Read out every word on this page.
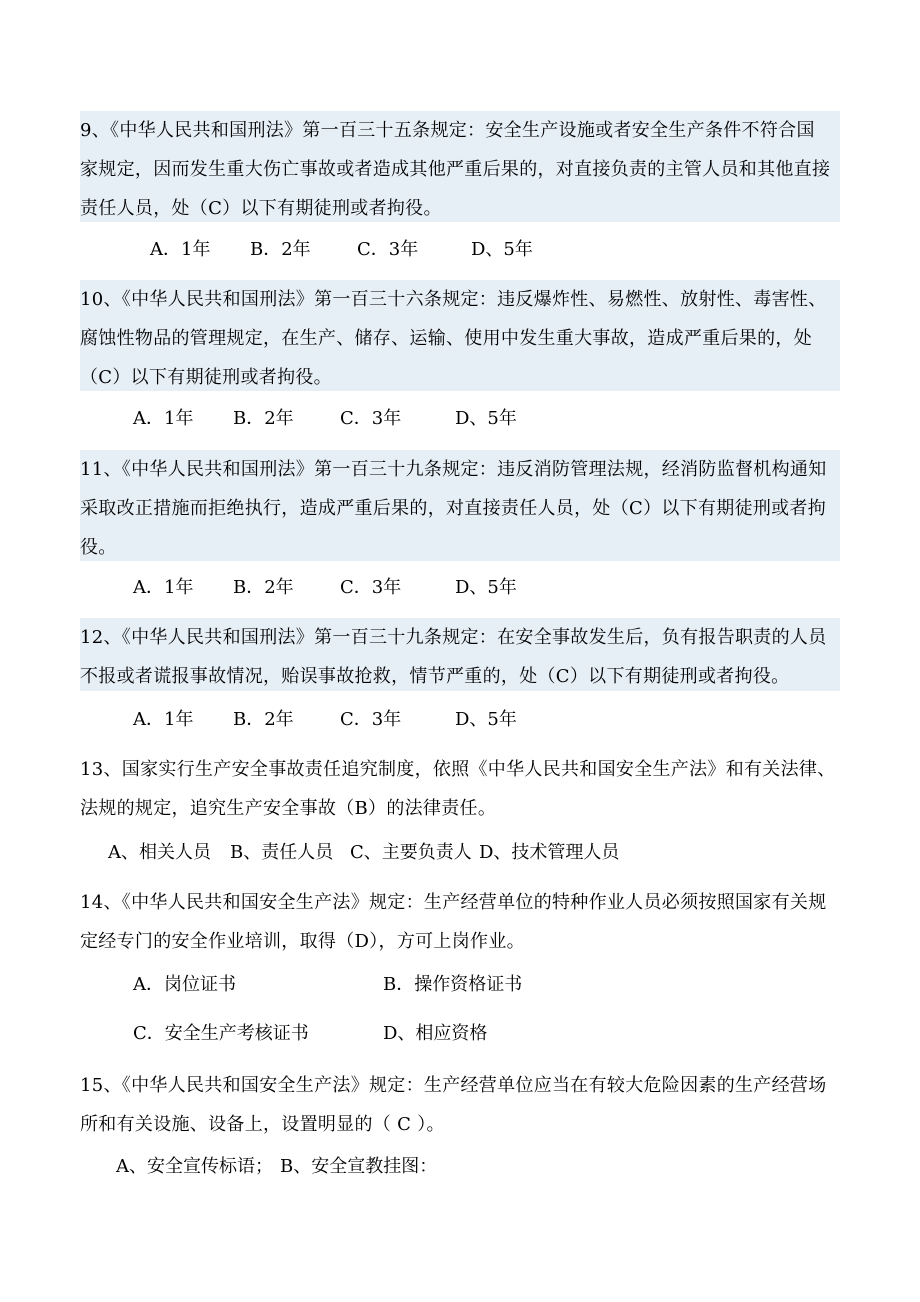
9、《中华人民共和国刑法》第一百三十五条规定：安全生产设施或者安全生产条件不符合国
家规定，因而发生重大伤亡事故或者造成其他严重后果的，对直接负责的主管人员和其他直接
责任人员，处（C）以下有期徒刑或者拘役。
A．1年 B．2年	C．3年	D、5年
10、《中华人民共和国刑法》第一百三十六条规定：违反爆炸性、易燃性、放射性、毒害性、
腐蚀性物品的管理规定，在生产、储存、运输、使用中发生重大事故，造成严重后果的，处
（C）以下有期徒刑或者拘役。
A．1年 B．2年	C．3年	D、5年
11、《中华人民共和国刑法》第一百三十九条规定：违反消防管理法规，经消防监督机构通知
采取改正措施而拒绝执行，造成严重后果的，对直接责任人员，处（C）以下有期徒刑或者拘
役。
A．1年 B．2年	C．3年	D、5年
12、《中华人民共和国刑法》第一百三十九条规定：在安全事故发生后，负有报告职责的人员
不报或者谎报事故情况，贻误事故抢救，情节严重的，处（C）以下有期徒刑或者拘役。
A．1年 B．2年	C．3年	D、5年
13、国家实行生产安全事故责任追究制度，依照《中华人民共和国安全生产法》和有关法律、
法规的规定，追究生产安全事故（B）的法律责任。
A、相关人员 B、责任人员 C、主要负责人 D、技术管理人员
14、《中华人民共和国安全生产法》规定：生产经营单位的特种作业人员必须按照国家有关规
定经专门的安全作业培训，取得（D），方可上岗作业。
A．岗位证书	B．操作资格证书
C．安全生产考核证书	D、相应资格
15、《中华人民共和国安全生产法》规定：生产经营单位应当在有较大危险因素的生产经营场
所和有关设施、设备上，设置明显的（ C ）。
A、安全宣传标语； B、安全宣教挂图：
